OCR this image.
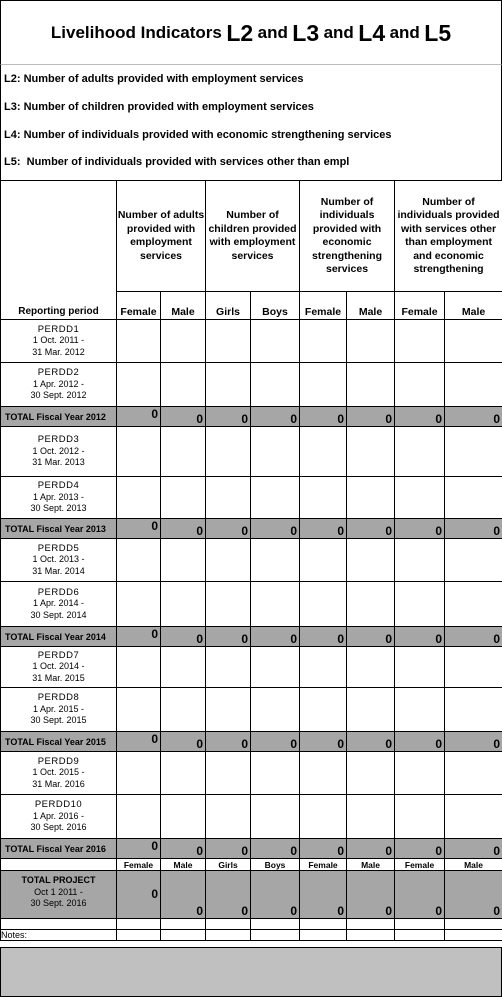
Livelihood Indicators
L2
and
L3
and
L4
and
L5
L2: Number of adults provided with employment services
L3: Number of children provided with employment services
L4: Number of individuals provided with economic strengthening services
L5: Number of individuals provided with services other than empl
Reporting period	Number of adults provided with employment services		Number of children provided with employment services		Number of individuals provided with economic strengthening services		Number of individuals provided with services other than employment and economic strengthening	
	Female	Male	Girls	Boys	Female	Male	Female	Male

PERDD1
1 Oct. 2011 -
31 Mar. 2012								

PERDD2
1 Apr. 2012 -
30 Sept. 2012								

TOTAL Fiscal Year 2012	0	0	0	0	0	0	0	0

PERDD3
1 Oct. 2012 -
31 Mar. 2013								

PERDD4
1 Apr. 2013 -
30 Sept. 2013								

TOTAL Fiscal Year 2013	0	0	0	0	0	0	0	0

PERDD5
1 Oct. 2013 -
31 Mar. 2014								

PERDD6
1 Apr. 2014 -
30 Sept. 2014								

TOTAL Fiscal Year 2014	0	0	0	0	0	0	0	0

PERDD7
1 Oct. 2014 -
31 Mar. 2015								

PERDD8
1 Apr. 2015 -
30 Sept. 2015								

TOTAL Fiscal Year 2015	0	0	0	0	0	0	0	0

PERDD9
1 Oct. 2015 -
31 Mar. 2016								

PERDD10
1 Apr. 2016 -
30 Sept. 2016								

TOTAL Fiscal Year 2016	0	0	0	0	0	0	0	0
	Female	Male	Girls	Boys	Female	Male	Female	Male

TOTAL PROJECT
Oct 1 2011 -
30 Sept. 2016	0	0	0	0	0	0	0	0

Notes:								
